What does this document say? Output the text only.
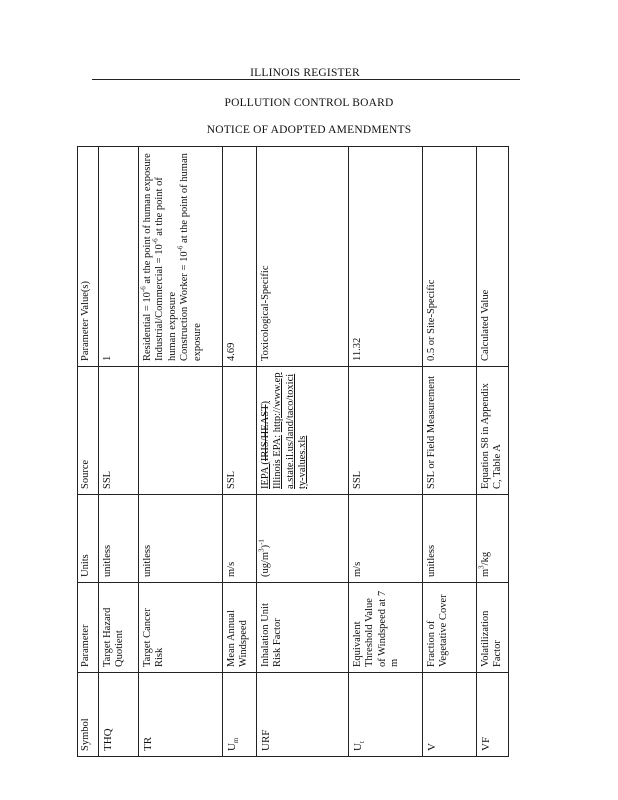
ILLINOIS REGISTER
POLLUTION CONTROL BOARD
NOTICE OF ADOPTED AMENDMENTS
Symbol	Parameter	Units	Source	Parameter Value(s)
THQ	Target Hazard Quotient	unitless	SSL	1
TR	Target Cancer Risk	unitless		Residential = $10^{-6}$ at the point of human exposure
Industrial/Commercial = $10^{-6}$ at the point of human exposure
Construction Worker = $10^{-6}$ at the point of human exposure
$U_m$	Mean Annual Windspeed	m/s	SSL	4.69
URF	Inhalation Unit Risk Factor	$(ug/m^3)^{-1}$	IEPA (IRIS/HEAST) Illinois EPA: http://www.epa.state.il.us/land/taco/toxicity-values.xls	Toxicological-Specific
$U_t$	Equivalent Threshold Value of Windspeed at 7 m	m/s	SSL	11.32
V	Fraction of Vegetative Cover	unitless	SSL or Field Measurement	0.5 or Site-Specific
VF	Volatilization Factor	$m^3/kg$	Equation S8 in Appendix C, Table A	Calculated Value
